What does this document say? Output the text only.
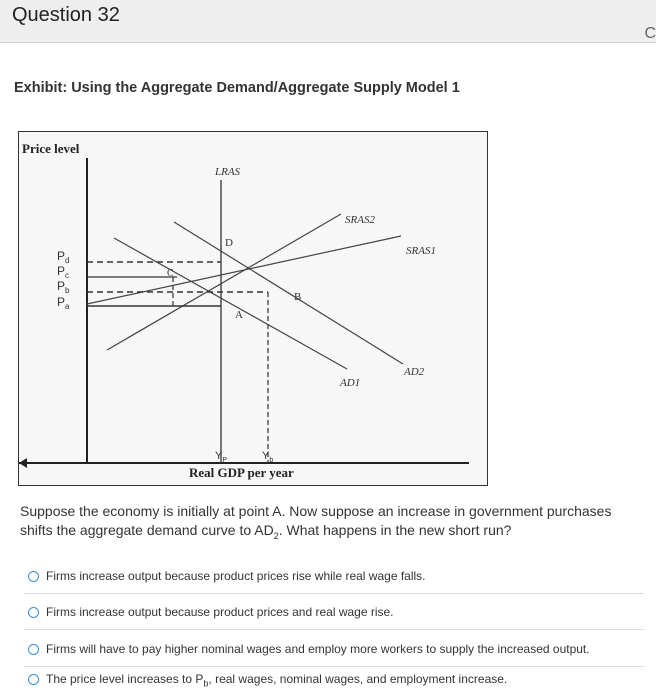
Question 32
C
Exhibit: Using the Aggregate Demand/Aggregate Supply Model 1
LRAS
SRAS2
SRAS1
AD1
AD2
D
C
B
A
Price level
Real GDP per year
$P_d$
$P_c$
$P_b$
$P_a$
$Y_P$	$Y_b$
Suppose the economy is initially at point A. Now suppose an increase in government purchases shifts the aggregate demand curve to $AD_2$. What happens in the new short run?
Firms increase output because product prices rise while real wage falls.
Firms increase output because product prices and real wage rise.
Firms will have to pay higher nominal wages and employ more workers to supply the increased output.
The price level increases to $P_b$, real wages, nominal wages, and employment increase.
